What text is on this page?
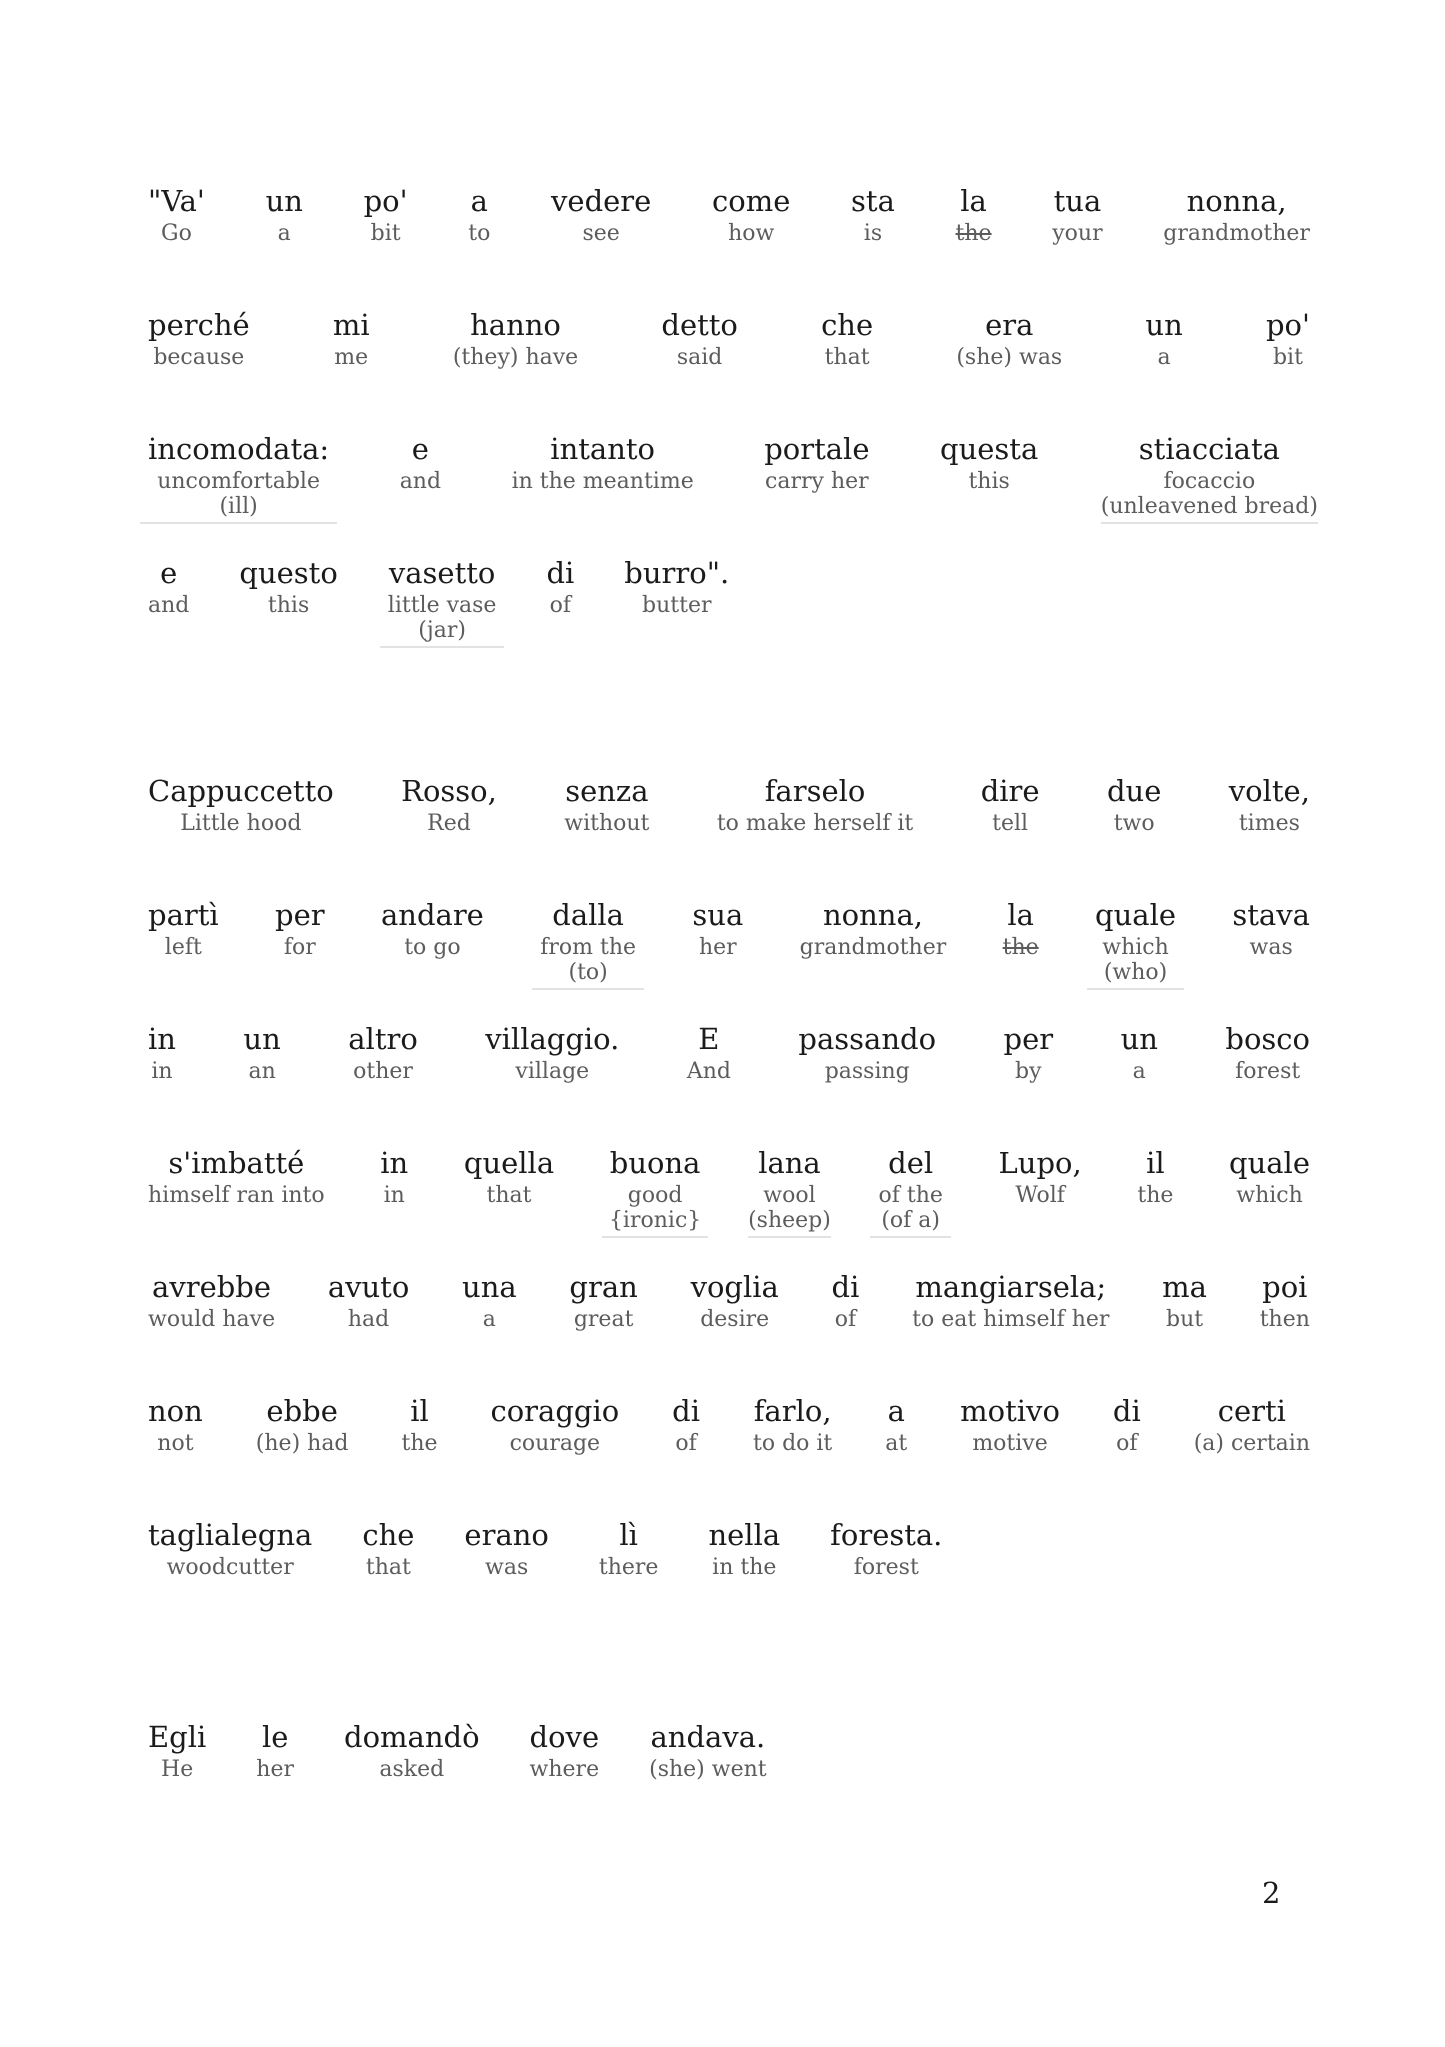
"Va'
Go
un
a
po'
bit
a
to
vedere
see
come
how
sta
is
la
the
tua
your
nonna,
grandmother
perché
because
mi
me
hanno
(they) have
detto
said
che
that
era
(she) was
un
a
po'
bit
incomodata:
uncomfortable
(ill)
e
and
intanto
in the meantime
portale
carry her
questa
this
stiacciata
focaccio
(unleavened bread)
e
and
questo
this
vasetto
little vase
(jar)
di
of
burro".
butter
Cappuccetto
Little hood
Rosso,
Red
senza
without
farselo
to make herself it
dire
tell
due
two
volte,
times
partì
left
per
for
andare
to go
dalla
from the
(to)
sua
her
nonna,
grandmother
la
the
quale
which
(who)
stava
was
in
in
un
an
altro
other
villaggio.
village
E
And
passando
passing
per
by
un
a
bosco
forest
s'imbatté
himself ran into
in
in
quella
that
buona
good
{ironic}
lana
wool
(sheep)
del
of the
(of a)
Lupo,
Wolf
il
the
quale
which
avrebbe
would have
avuto
had
una
a
gran
great
voglia
desire
di
of
mangiarsela;
to eat himself her
ma
but
poi
then
non
not
ebbe
(he) had
il
the
coraggio
courage
di
of
farlo,
to do it
a
at
motivo
motive
di
of
certi
(a) certain
taglialegna
woodcutter
che
that
erano
was
lì
there
nella
in the
foresta.
forest
Egli
He
le
her
domandò
asked
dove
where
andava.
(she) went
2
